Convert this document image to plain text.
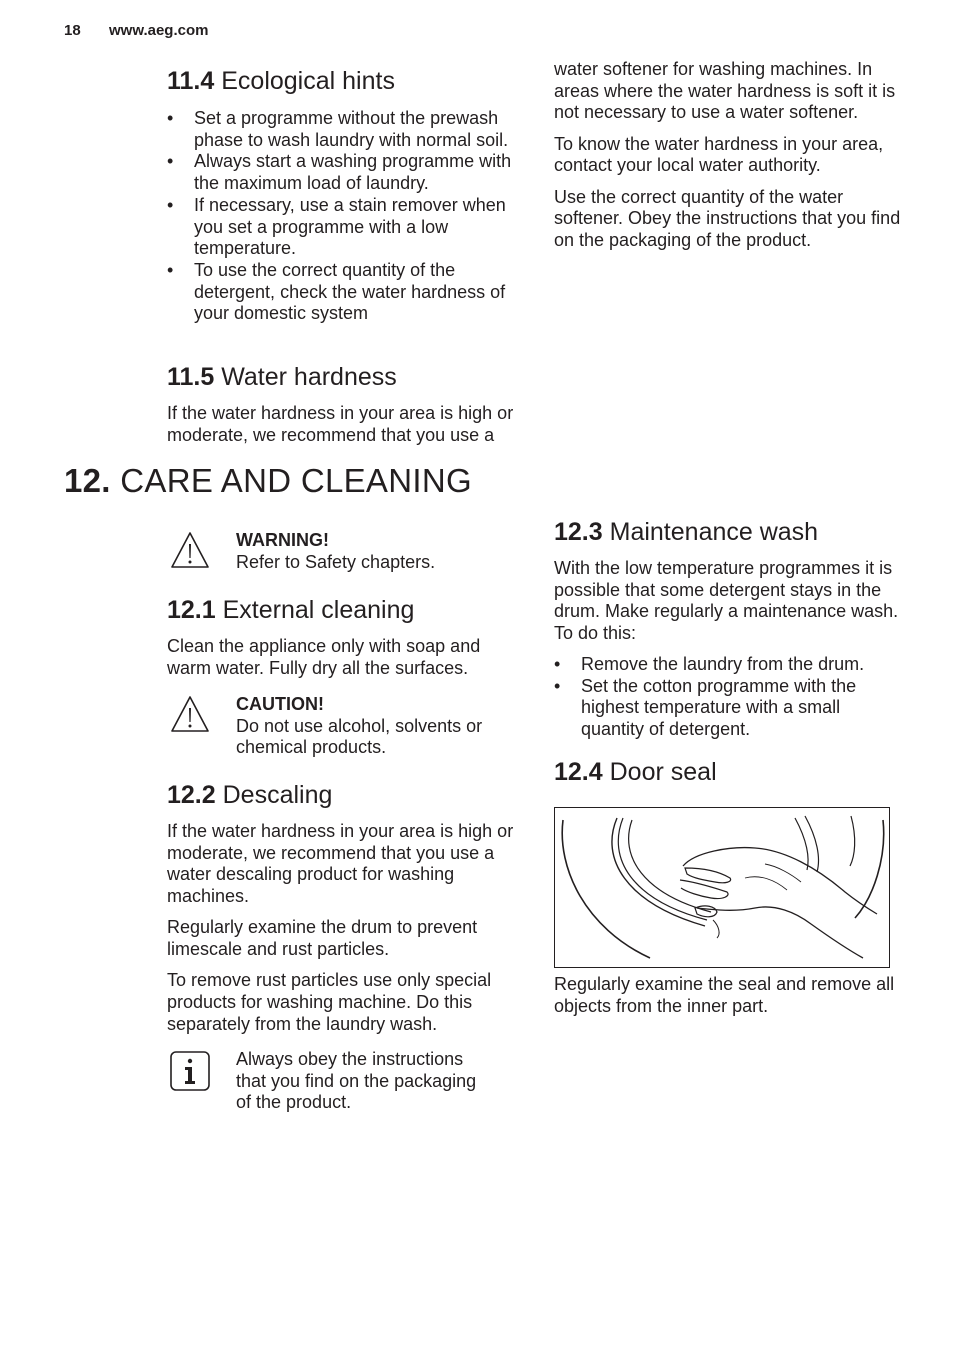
18 www.aeg.com
11.4 Ecological hints
• Set a programme without the prewash phase to wash laundry with normal soil.
• Always start a washing programme with the maximum load of laundry.
• If necessary, use a stain remover when you set a programme with a low temperature.
• To use the correct quantity of the detergent, check the water hardness of your domestic system
11.5 Water hardness

If the water hardness in your area is high or moderate, we recommend that you use a

water softener for washing machines. In areas where the water hardness is soft it is not necessary to use a water softener.

To know the water hardness in your area, contact your local water authority.

Use the correct quantity of the water softener. Obey the instructions that you find on the packaging of the product.

12. CARE AND CLEANING
WARNING!

Refer to Safety chapters.

12.1 External cleaning

Clean the appliance only with soap and warm water. Fully dry all the surfaces.

CAUTION!

Do not use alcohol, solvents or chemical products.

12.2 Descaling

If the water hardness in your area is high or moderate, we recommend that you use a water descaling product for washing machines.

Regularly examine the drum to prevent limescale and rust particles.

To remove rust particles use only special products for washing machine. Do this separately from the laundry wash.

Always obey the instructions that you find on the packaging of the product.

12.3 Maintenance wash

With the low temperature programmes it is possible that some detergent stays in the drum. Make regularly a maintenance wash. To do this:

• Remove the laundry from the drum.
• Set the cotton programme with the highest temperature with a small quantity of detergent.
12.4 Door seal

Regularly examine the seal and remove all objects from the inner part.
